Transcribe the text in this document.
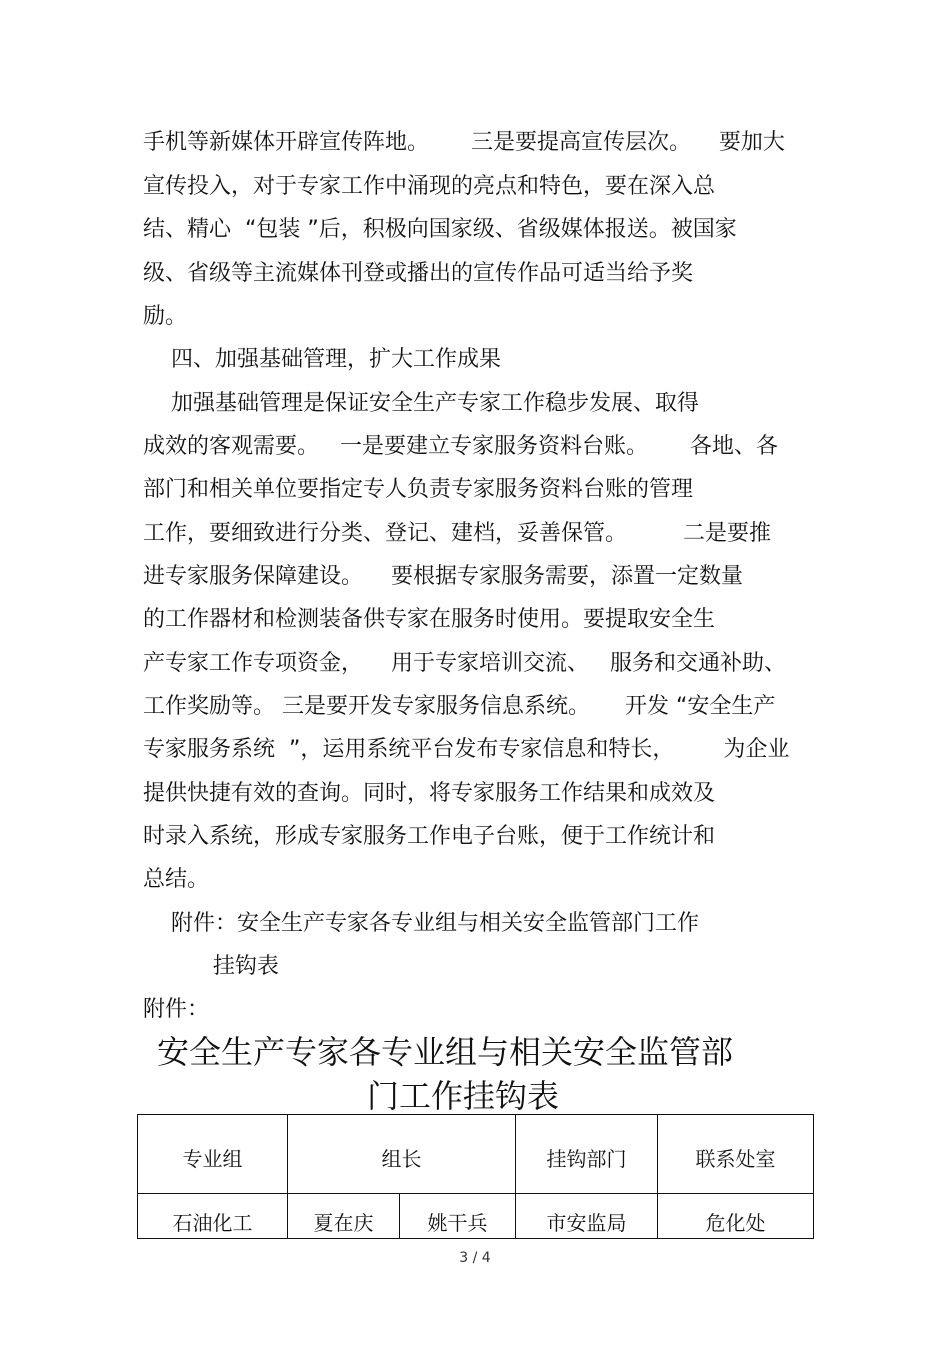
手机等新媒体开辟宣传阵地。      三是要提高宣传层次。    要加大
宣传投入，对于专家工作中涌现的亮点和特色，要在深入总
结、精心  “包装 ”后，积极向国家级、省级媒体报送。被国家
级、省级等主流媒体刊登或播出的宣传作品可适当给予奖
励。
四、加强基础管理，扩大工作成果
加强基础管理是保证安全生产专家工作稳步发展、取得
成效的客观需要。   一是要建立专家服务资料台账。      各地、各
部门和相关单位要指定专人负责专家服务资料台账的管理
工作，要细致进行分类、登记、建档，妥善保管。        二是要推
进专家服务保障建设。    要根据专家服务需要，添置一定数量
的工作器材和检测装备供专家在服务时使用。要提取安全生
产专家工作专项资金，    用于专家培训交流、   服务和交通补助、
工作奖励等。 三是要开发专家服务信息系统。     开发 “安全生产
专家服务系统  ”，运用系统平台发布专家信息和特长，       为企业
提供快捷有效的查询。同时，将专家服务工作结果和成效及
时录入系统，形成专家服务工作电子台账，便于工作统计和
总结。
附件：安全生产专家各专业组与相关安全监管部门工作
挂钩表
附件：
安全生产专家各专业组与相关安全监管部
门工作挂钩表
专业组	组长		挂钩部门	联系处室
石油化工	夏在庆	姚干兵	市安监局	危化处
3 / 4
